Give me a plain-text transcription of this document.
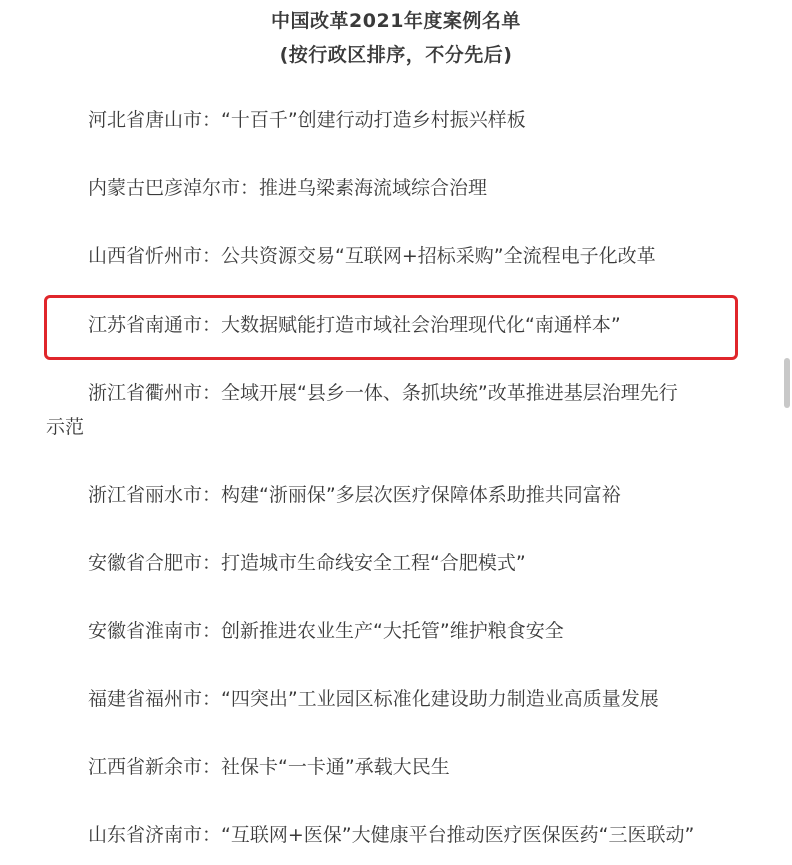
中国改革2021年度案例名单
(按行政区排序，不分先后)
河北省唐山市：“十百千”创建行动打造乡村振兴样板
内蒙古巴彦淖尔市：推进乌梁素海流域综合治理
山西省忻州市：公共资源交易“互联网+招标采购”全流程电子化改革
江苏省南通市：大数据赋能打造市域社会治理现代化“南通样本”
浙江省衢州市：全域开展“县乡一体、条抓块统”改革推进基层治理先行
示范
浙江省丽水市：构建“浙丽保”多层次医疗保障体系助推共同富裕
安徽省合肥市：打造城市生命线安全工程“合肥模式”
安徽省淮南市：创新推进农业生产“大托管”维护粮食安全
福建省福州市：“四突出”工业园区标准化建设助力制造业高质量发展
江西省新余市：社保卡“一卡通”承载大民生
山东省济南市：“互联网+医保”大健康平台推动医疗医保医药“三医联动”
